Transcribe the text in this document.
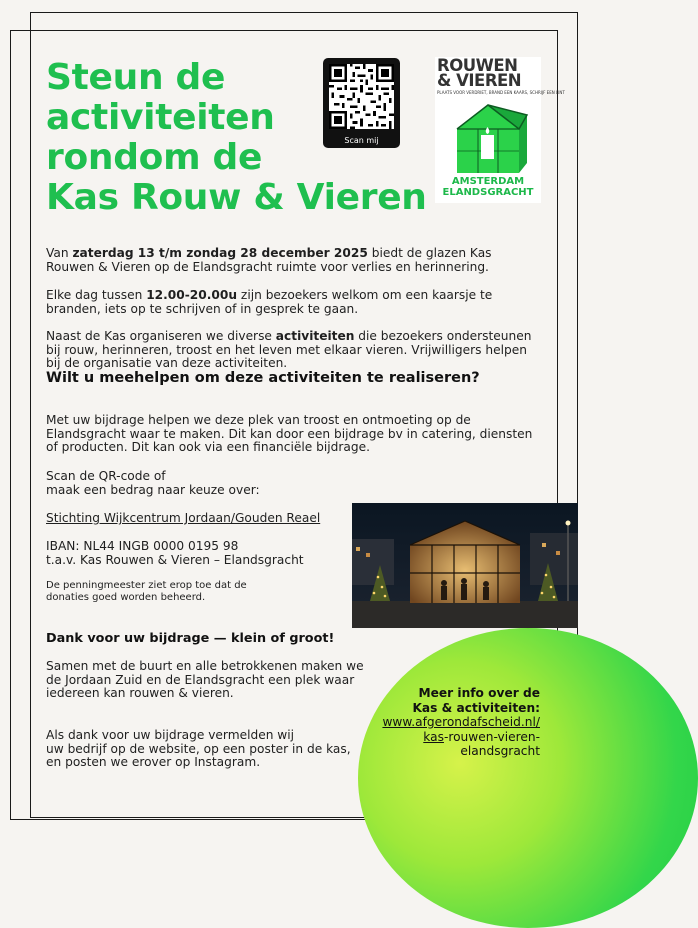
Steun de
activiteiten
rondom de
Kas Rouw & Vieren
Scan mij
ROUWEN
& VIEREN
PLAATS VOOR VERDRIET, BRAND EEN KAARS, SCHRIJF EEN LINT
AMSTERDAM
ELANDSGRACHT

Van zaterdag 13 t/m zondag 28 december 2025 biedt de glazen Kas Rouwen & Vieren op de Elandsgracht ruimte voor verlies en herinnering.

Elke dag tussen 12.00-20.00u zijn bezoekers welkom om een kaarsje te branden, iets op te schrijven of in gesprek te gaan.

Naast de Kas organiseren we diverse activiteiten die bezoekers ondersteunen bij rouw, herinneren, troost en het leven met elkaar vieren. Vrijwilligers helpen bij de organisatie van deze activiteiten.

Wilt u meehelpen om deze activiteiten te realiseren?

Met uw bijdrage helpen we deze plek van troost en ontmoeting op de Elandsgracht waar te maken. Dit kan door een bijdrage bv in catering, diensten of producten. Dit kan ook via een financiële bijdrage.

Scan de QR-code of
maak een bedrag naar keuze over:

Stichting Wijkcentrum Jordaan/Gouden Reael

IBAN: NL44 INGB 0000 0195 98
t.a.v. Kas Rouwen & Vieren – Elandsgracht

De penningmeester ziet erop toe dat de donaties goed worden beheerd.

Dank voor uw bijdrage — klein of groot!

Samen met de buurt en alle betrokkenen maken we de Jordaan Zuid en de Elandsgracht een plek waar iedereen kan rouwen & vieren.

Als dank voor uw bijdrage vermelden wij
uw bedrijf op de website, op een poster in de kas,
en posten we erover op Instagram.

Meer info over de
Kas & activiteiten:
www.afgerondafscheid.nl/
kas-rouwen-vieren-
elandsgracht
